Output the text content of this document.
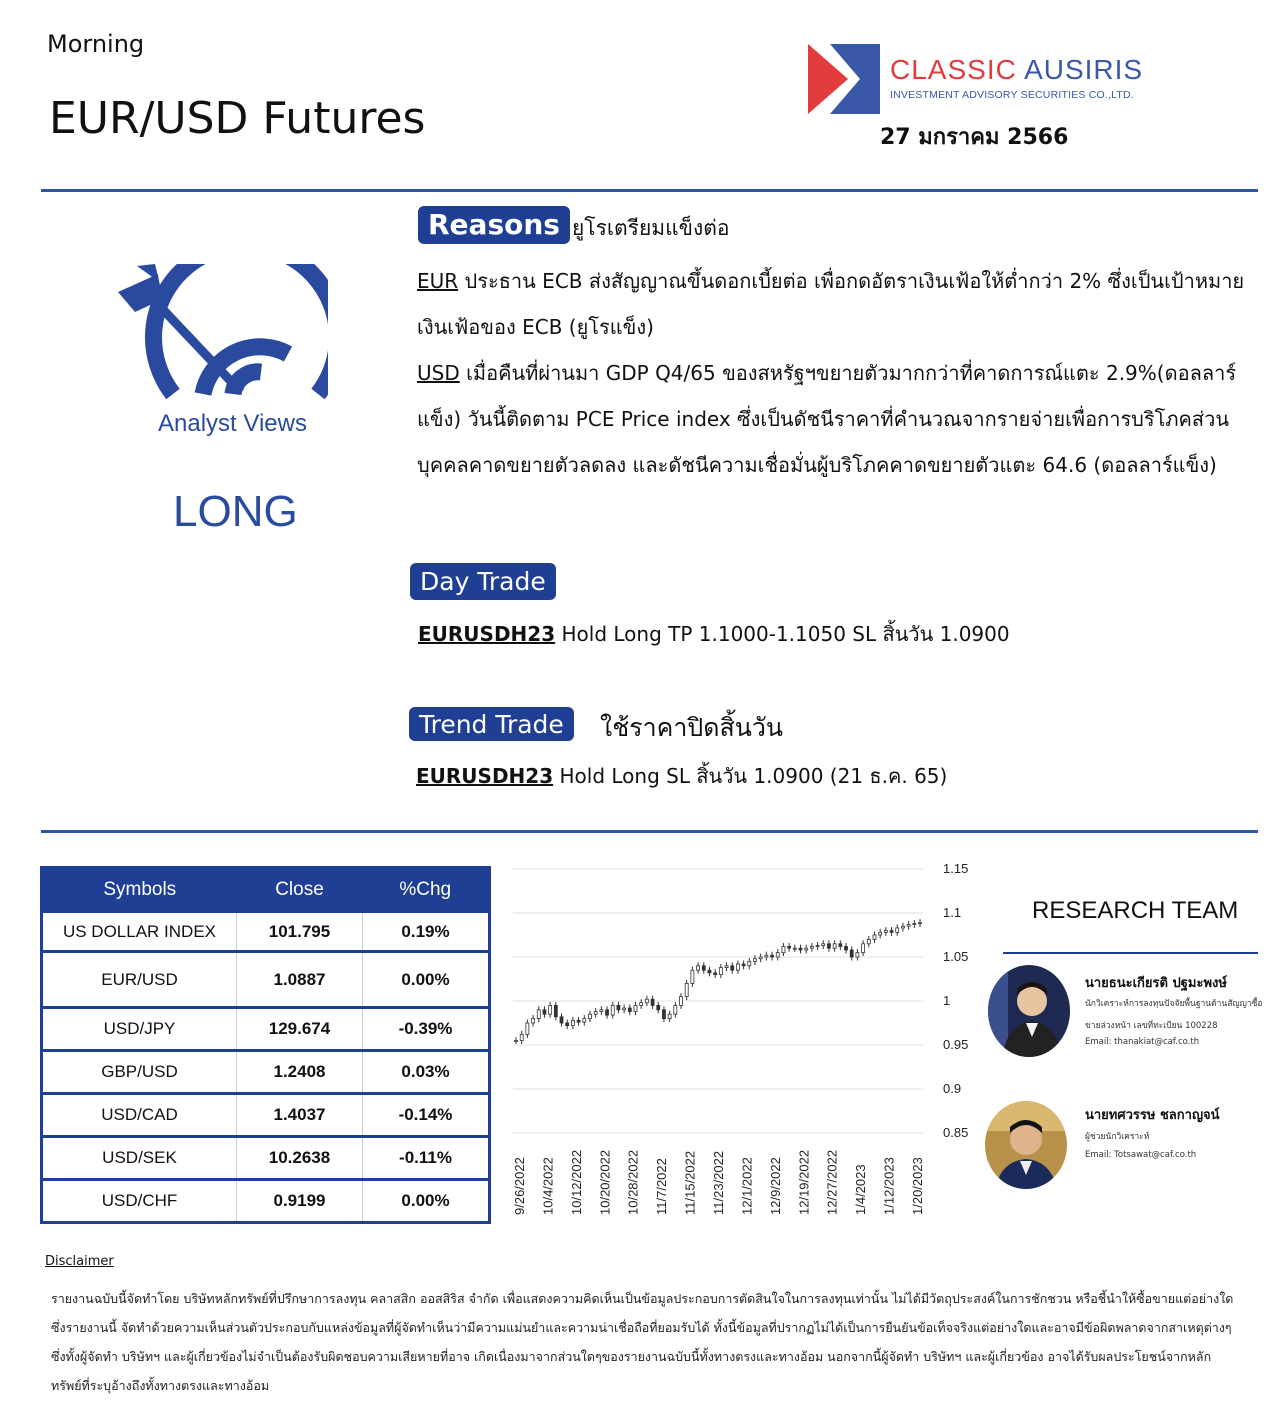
Morning
EUR/USD Futures
CLASSIC AUSIRIS
INVESTMENT ADVISORY SECURITIES CO.,LTD.
27 มกราคม 2566
Analyst Views
LONG
Reasons ยูโรเตรียมแข็งต่อ
EUR ประธาน ECB ส่งสัญญาณขึ้นดอกเบี้ยต่อ เพื่อกดอัตราเงินเฟ้อให้ต่ำกว่า 2% ซึ่งเป็นเป้าหมายเงินเฟ้อของ ECB (ยูโรแข็ง)
USD เมื่อคืนที่ผ่านมา GDP Q4/65 ของสหรัฐฯขยายตัวมากกว่าที่คาดการณ์แตะ 2.9%(ดอลลาร์แข็ง) วันนี้ติดตาม PCE Price index ซึ่งเป็นดัชนีราคาที่คำนวณจากรายจ่ายเพื่อการบริโภคส่วนบุคคลคาดขยายตัวลดลง และดัชนีความเชื่อมั่นผู้บริโภคคาดขยายตัวแตะ 64.6 (ดอลลาร์แข็ง)
Day Trade
EURUSDH23 Hold Long TP 1.1000-1.1050 SL สิ้นวัน 1.0900
Trend Trade	ใช้ราคาปิดสิ้นวัน
EURUSDH23 Hold Long SL สิ้นวัน 1.0900 (21 ธ.ค. 65)
Symbols	Close	%Chg
US DOLLAR INDEX	101.795	0.19%
EUR/USD	1.0887	0.00%
USD/JPY	129.674	-0.39%
GBP/USD	1.2408	0.03%
USD/CAD	1.4037	-0.14%
USD/SEK	10.2638	-0.11%
USD/CHF	0.9199	0.00%
1.15
1.1
1.05
1
0.95
0.9
0.85
9/26/2022 10/4/2022 10/12/2022 10/20/2022 10/28/2022 11/7/2022 11/15/2022 11/23/2022 12/1/2022 12/9/2022 12/19/2022 12/27/2022 1/4/2023 1/12/2023 1/20/2023
RESEARCH TEAM
นายธนะเกียรติ ปฐมะพงษ์
นักวิเคราะห์การลงทุนปัจจัยพื้นฐานด้านสัญญาซื้อ
ขายล่วงหน้า เลขที่ทะเบียน 100228
Email: thanakiat@caf.co.th
นายทศวรรษ ชลกาญจน์
ผู้ช่วยนักวิเคราะห์
Email: Totsawat@caf.co.th
Disclaimer
รายงานฉบับนี้จัดทำโดย บริษัทหลักทรัพย์ที่ปรึกษาการลงทุน คลาสสิก ออสสิริส จำกัด เพื่อแสดงความคิดเห็นเป็นข้อมูลประกอบการตัดสินใจในการลงทุนเท่านั้น ไม่ได้มีวัตถุประสงค์ในการชักชวน หรือชี้นำให้ซื้อขายแต่อย่างใด ซึ่งรายงานนี้ จัดทำด้วยความเห็นส่วนตัวประกอบกับแหล่งข้อมูลที่ผู้จัดทำเห็นว่ามีความแม่นยำและความน่าเชื่อถือที่ยอมรับได้ ทั้งนี้ข้อมูลที่ปรากฏไม่ได้เป็นการยืนยันข้อเท็จจริงแต่อย่างใดและอาจมีข้อผิดพลาดจากสาเหตุต่างๆ ซึ่งทั้งผู้จัดทำ บริษัทฯ และผู้เกี่ยวข้องไม่จำเป็นต้องรับผิดชอบความเสียหายที่อาจ เกิดเนื่องมาจากส่วนใดๆของรายงานฉบับนี้ทั้งทางตรงและทางอ้อม นอกจากนี้ผู้จัดทำ บริษัทฯ และผู้เกี่ยวข้อง อาจได้รับผลประโยชน์จากหลักทรัพย์ที่ระบุอ้างถึงทั้งทางตรงและทางอ้อม
